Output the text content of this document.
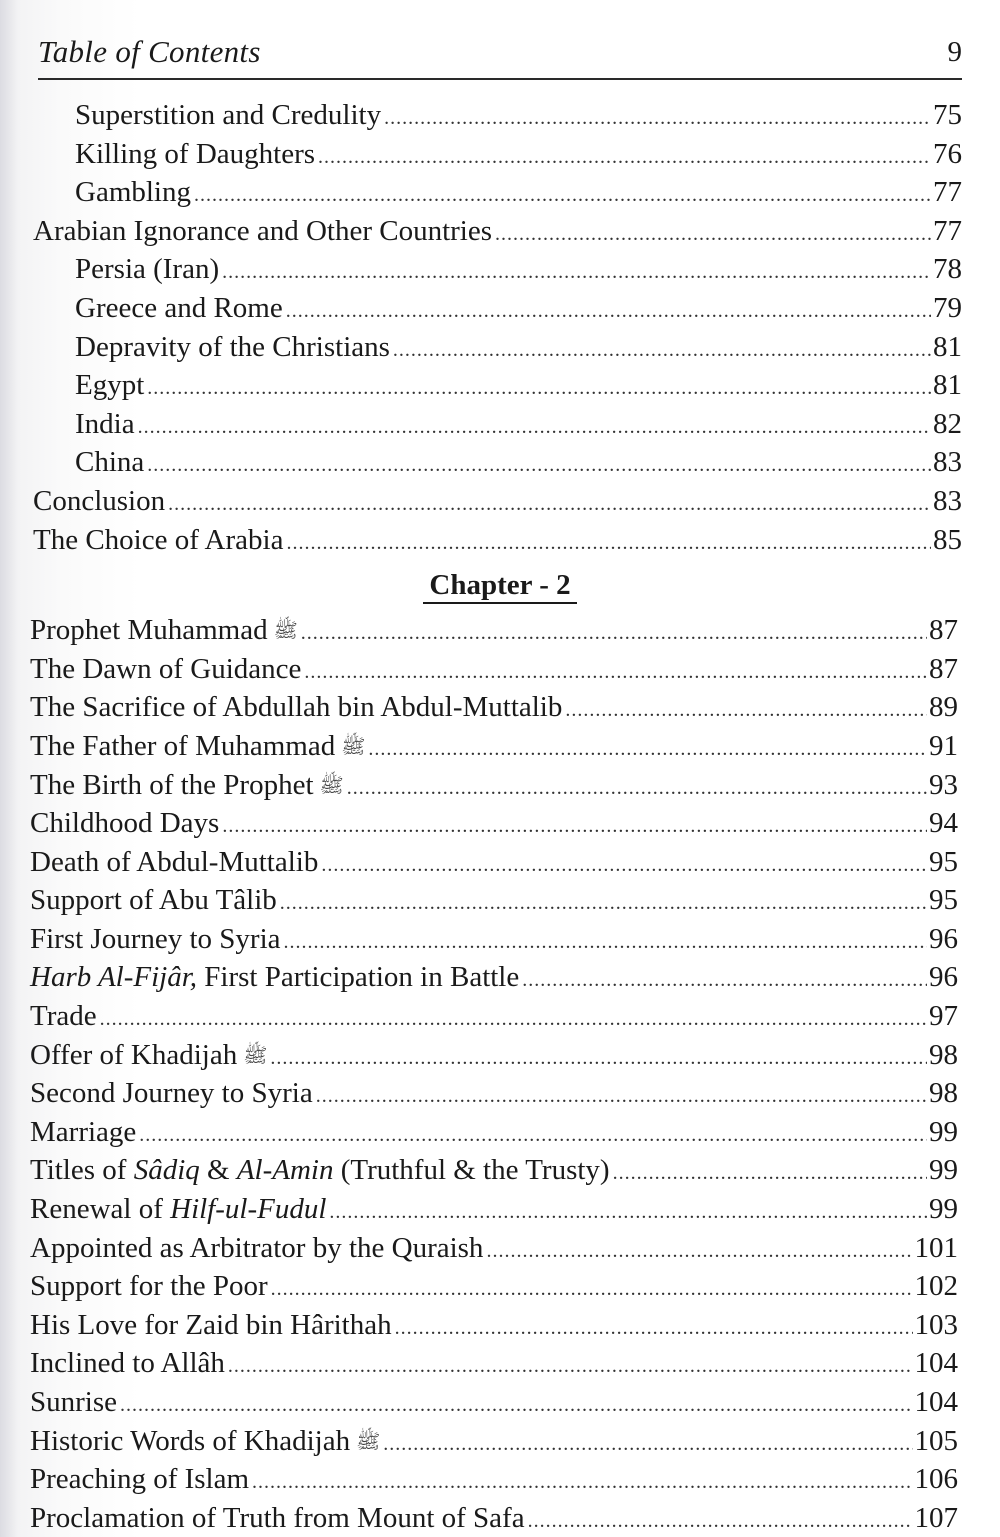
Table of Contents	9
Superstition and Credulity .....	75
Killing of Daughters .....	76
Gambling .....	77
Arabian Ignorance and Other Countries .....	77
Persia (Iran) .....	78
Greece and Rome .....	79
Depravity of the Christians .....	81
Egypt .....	81
India .....	82
China .....	83
Conclusion .....	83
The Choice of Arabia .....	85
Chapter - 2
Prophet Muhammad ﷺ .....	87
The Dawn of Guidance .....	87
The Sacrifice of Abdullah bin Abdul-Muttalib .....	89
The Father of Muhammad ﷺ .....	91
The Birth of the Prophet ﷺ .....	93
Childhood Days .....	94
Death of Abdul-Muttalib .....	95
Support of Abu Tâlib .....	95
First Journey to Syria .....	96
Harb Al-Fijâr, First Participation in Battle .....	96
Trade .....	97
Offer of Khadijah ﷺ .....	98
Second Journey to Syria .....	98
Marriage .....	99
Titles of Sâdiq & Al-Amin (Truthful & the Trusty) .....	99
Renewal of Hilf-ul-Fudul .....	99
Appointed as Arbitrator by the Quraish .....	101
Support for the Poor .....	102
His Love for Zaid bin Hârithah .....	103
Inclined to Allâh .....	104
Sunrise .....	104
Historic Words of Khadijah ﷺ .....	105
Preaching of Islam .....	106
Proclamation of Truth from Mount of Safa .....	107
